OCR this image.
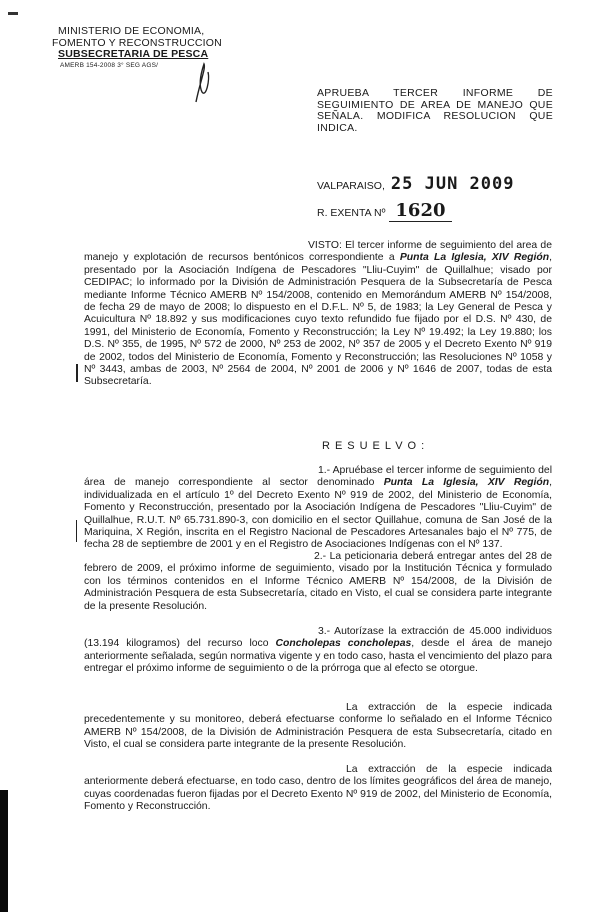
MINISTERIO DE ECONOMIA,
FOMENTO Y RECONSTRUCCION
SUBSECRETARIA DE PESCA
AMERB 154-2008 3° SEG AGS/
APRUEBA TERCER INFORME DE SEGUIMIENTO DE AREA DE MANEJO QUE SEÑALA. MODIFICA RESOLUCION QUE INDICA.
VALPARAISO, 25 JUN 2009
R. EXENTA Nº 1620
VISTO: El tercer informe de seguimiento del area de manejo y explotación de recursos bentónicos correspondiente a Punta La Iglesia, XIV Región, presentado por la Asociación Indígena de Pescadores "Lliu-Cuyim" de Quillalhue; visado por CEDIPAC; lo informado por la División de Administración Pesquera de la Subsecretaría de Pesca mediante Informe Técnico AMERB Nº 154/2008, contenido en Memorándum AMERB Nº 154/2008, de fecha 29 de mayo de 2008; lo dispuesto en el D.F.L. Nº 5, de 1983; la Ley General de Pesca y Acuicultura Nº 18.892 y sus modificaciones cuyo texto refundido fue fijado por el D.S. Nº 430, de 1991, del Ministerio de Economía, Fomento y Reconstrucción; la Ley Nº 19.492; la Ley 19.880; los D.S. Nº 355, de 1995, Nº 572 de 2000, Nº 253 de 2002, Nº 357 de 2005 y el Decreto Exento Nº 919 de 2002, todos del Ministerio de Economía, Fomento y Reconstrucción; las Resoluciones Nº 1058 y Nº 3443, ambas de 2003, Nº 2564 de 2004, Nº 2001 de 2006 y Nº 1646 de 2007, todas de esta Subsecretaría.
RESUELVO:
1.- Apruébase el tercer informe de seguimiento del área de manejo correspondiente al sector denominado Punta La Iglesia, XIV Región, individualizada en el artículo 1º del Decreto Exento Nº 919 de 2002, del Ministerio de Economía, Fomento y Reconstrucción, presentado por la Asociación Indígena de Pescadores "Lliu-Cuyim" de Quillalhue, R.U.T. Nº 65.731.890-3, con domicilio en el sector Quillahue, comuna de San José de la Mariquina, X Región, inscrita en el Registro Nacional de Pescadores Artesanales bajo el Nº 775, de fecha 28 de septiembre de 2001 y en el Registro de Asociaciones Indígenas con el Nº 137.
2.- La peticionaria deberá entregar antes del 28 de febrero de 2009, el próximo informe de seguimiento, visado por la Institución Técnica y formulado con los términos contenidos en el Informe Técnico AMERB Nº 154/2008, de la División de Administración Pesquera de esta Subsecretaría, citado en Visto, el cual se considera parte integrante de la presente Resolución.
3.- Autorízase la extracción de 45.000 individuos (13.194 kilogramos) del recurso loco Concholepas concholepas, desde el área de manejo anteriormente señalada, según normativa vigente y en todo caso, hasta el vencimiento del plazo para entregar el próximo informe de seguimiento o de la prórroga que al efecto se otorgue.
La extracción de la especie indicada precedentemente y su monitoreo, deberá efectuarse conforme lo señalado en el Informe Técnico AMERB Nº 154/2008, de la División de Administración Pesquera de esta Subsecretaría, citado en Visto, el cual se considera parte integrante de la presente Resolución.
La extracción de la especie indicada anteriormente deberá efectuarse, en todo caso, dentro de los límites geográficos del área de manejo, cuyas coordenadas fueron fijadas por el Decreto Exento Nº 919 de 2002, del Ministerio de Economía, Fomento y Reconstrucción.
